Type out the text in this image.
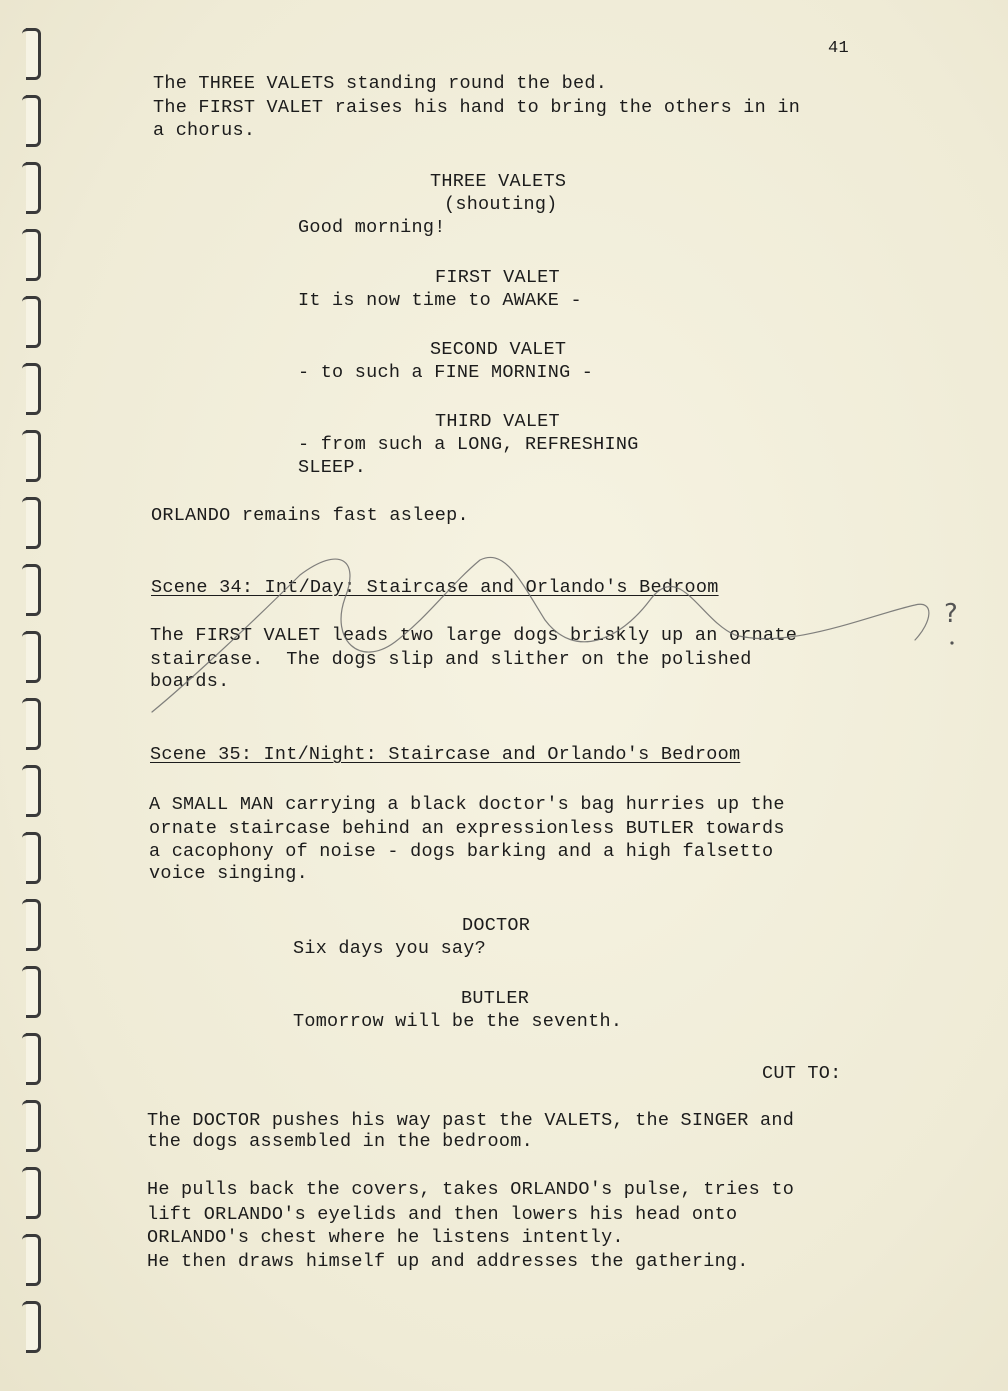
41
The THREE VALETS standing round the bed.
The FIRST VALET raises his hand to bring the others in in
a chorus.
THREE VALETS
(shouting)
Good morning!
FIRST VALET
It is now time to AWAKE -
SECOND VALET
- to such a FINE MORNING -
THIRD VALET
- from such a LONG, REFRESHING
SLEEP.
ORLANDO remains fast asleep.
Scene 34: Int/Day: Staircase and Orlando's Bedroom
The FIRST VALET leads two large dogs briskly up an ornate
staircase.  The dogs slip and slither on the polished
boards.
Scene 35: Int/Night: Staircase and Orlando's Bedroom
A SMALL MAN carrying a black doctor's bag hurries up the
ornate staircase behind an expressionless BUTLER towards
a cacophony of noise - dogs barking and a high falsetto
voice singing.
DOCTOR
Six days you say?
BUTLER
Tomorrow will be the seventh.
CUT TO:
The DOCTOR pushes his way past the VALETS, the SINGER and
the dogs assembled in the bedroom.
He pulls back the covers, takes ORLANDO's pulse, tries to
lift ORLANDO's eyelids and then lowers his head onto
ORLANDO's chest where he listens intently.
He then draws himself up and addresses the gathering.
?
